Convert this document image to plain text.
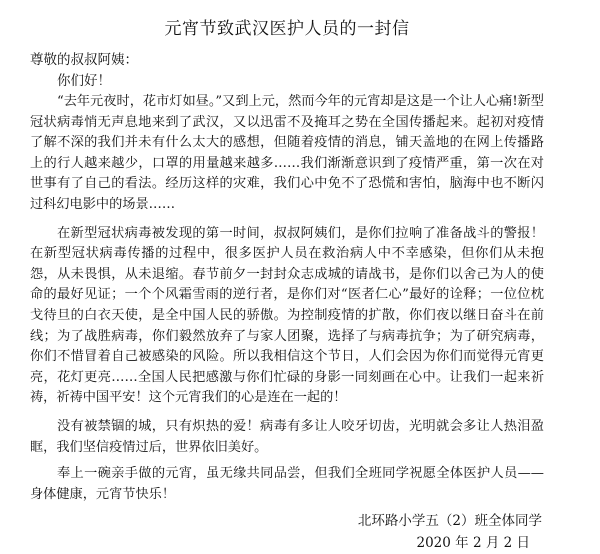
元宵节致武汉医护人员的一封信

尊敬的叔叔阿姨：

你们好！

“去年元夜时，花市灯如昼。”又到上元，然而今年的元宵却是这是一个让人心痛!新型冠状病毒悄无声息地来到了武汉，又以迅雷不及掩耳之势在全国传播起来。起初对疫情了解不深的我们并未有什么太大的感想，但随着疫情的消息，铺天盖地的在网上传播路上的行人越来越少，口罩的用量越来越多……我们渐渐意识到了疫情严重，第一次在对世事有了自己的看法。经历这样的灾难，我们心中免不了恐慌和害怕，脑海中也不断闪过科幻电影中的场景……

在新型冠状病毒被发现的第一时间，叔叔阿姨们，是你们拉响了准备战斗的警报！在新型冠状病毒传播的过程中，很多医护人员在救治病人中不幸感染，但你们从未抱怨，从未畏惧，从未退缩。春节前夕一封封众志成城的请战书，是你们以舍己为人的使命的最好见证；一个个风霜雪雨的逆行者，是你们对“医者仁心”最好的诠释；一位位枕戈待旦的白衣天使，是全中国人民的骄傲。为控制疫情的扩散，你们夜以继日奋斗在前线；为了战胜病毒，你们毅然放弃了与家人团聚，选择了与病毒抗争；为了研究病毒，你们不惜冒着自己被感染的风险。所以我相信这个节日，人们会因为你们而觉得元宵更亮，花灯更亮……全国人民把感激与你们忙碌的身影一同刻画在心中。让我们一起来祈祷，祈祷中国平安！这个元宵我们的心是连在一起的！

没有被禁锢的城，只有炽热的爱！病毒有多让人咬牙切齿，光明就会多让人热泪盈眶，我们坚信疫情过后，世界依旧美好。

奉上一碗亲手做的元宵，虽无缘共同品尝，但我们全班同学祝愿全体医护人员——身体健康，元宵节快乐！

北环路小学五（2）班全体同学

2020 年 2 月 2 日
